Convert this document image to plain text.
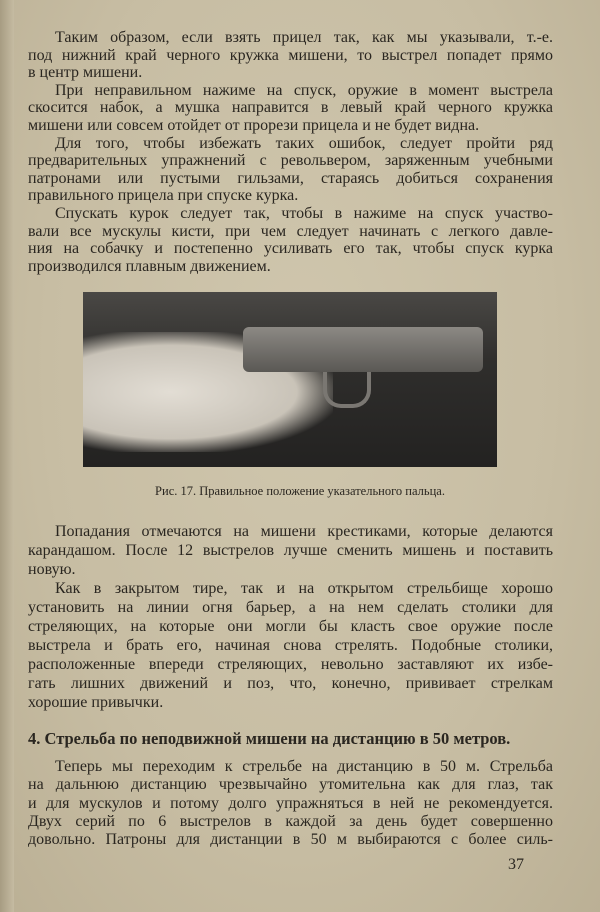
Таким образом, если взять прицел так, как мы указывали, т.-е.
под нижний край черного кружка мишени, то выстрел попадет прямо
в центр мишени.
При неправильном нажиме на спуск, оружие в момент выстрела
скосится набок, а мушка направится в левый край черного кружка
мишени или совсем отойдет от прорези прицела и не будет видна.
Для того, чтобы избежать таких ошибок, следует пройти ряд
предварительных упражнений с револьвером, заряженным учебными
патронами или пустыми гильзами, стараясь добиться сохранения
правильного прицела при спуске курка.
Спускать курок следует так, чтобы в нажиме на спуск участво-
вали все мускулы кисти, при чем следует начинать с легкого давле-
ния на собачку и постепенно усиливать его так, чтобы спуск курка
производился плавным движением.
Рис. 17. Правильное положение указательного пальца.
Попадания отмечаются на мишени крестиками, которые делаются
карандашом. После 12 выстрелов лучше сменить мишень и поставить
новую.
Как в закрытом тире, так и на открытом стрельбище хорошо
установить на линии огня барьер, а на нем сделать столики для
стреляющих, на которые они могли бы класть свое оружие после
выстрела и брать его, начиная снова стрелять. Подобные столики,
расположенные впереди стреляющих, невольно заставляют их избе-
гать лишних движений и поз, что, конечно, прививает стрелкам
хорошие привычки.
4. Стрельба по неподвижной мишени на дистанцию в 50 метров.
Теперь мы переходим к стрельбе на дистанцию в 50 м. Стрельба
на дальнюю дистанцию чрезвычайно утомительна как для глаз, так
и для мускулов и потому долго упражняться в ней не рекомендуется.
Двух серий по 6 выстрелов в каждой за день будет совершенно
довольно. Патроны для дистанции в 50 м выбираются с более силь-
37
